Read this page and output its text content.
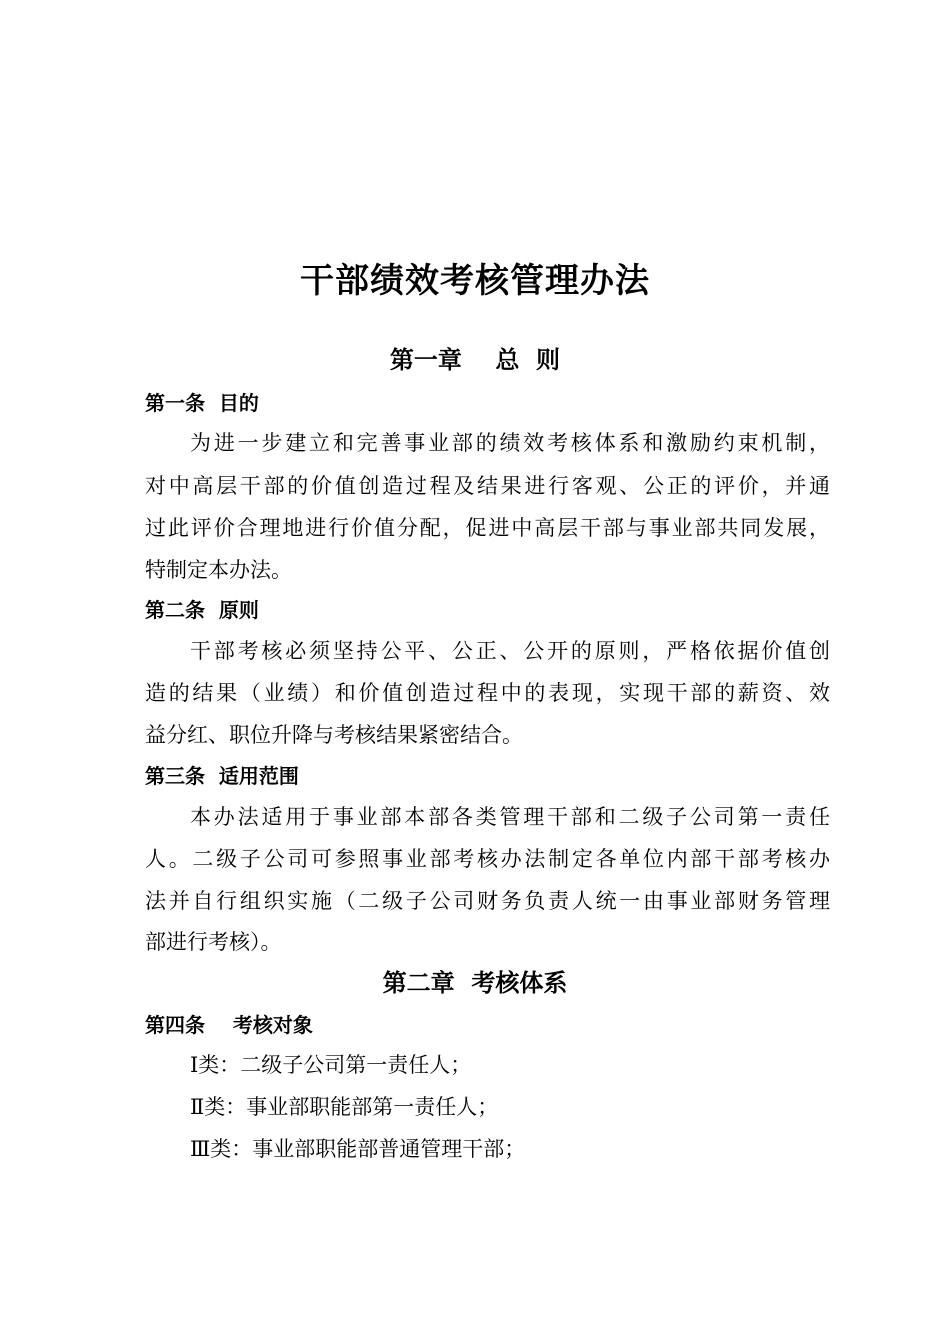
干部绩效考核管理办法
第一章    总  则
第一条  目的
为进一步建立和完善事业部的绩效考核体系和激励约束机制，
对中高层干部的价值创造过程及结果进行客观、公正的评价，并通
过此评价合理地进行价值分配，促进中高层干部与事业部共同发展，
特制定本办法。
第二条  原则
干部考核必须坚持公平、公正、公开的原则，严格依据价值创
造的结果（业绩）和价值创造过程中的表现，实现干部的薪资、效
益分红、职位升降与考核结果紧密结合。
第三条  适用范围
本办法适用于事业部本部各类管理干部和二级子公司第一责任
人。二级子公司可参照事业部考核办法制定各单位内部干部考核办
法并自行组织实施（二级子公司财务负责人统一由事业部财务管理
部进行考核）。
第二章  考核体系
第四条    考核对象
Ⅰ类：二级子公司第一责任人；
Ⅱ类：事业部职能部第一责任人；
Ⅲ类：事业部职能部普通管理干部；
